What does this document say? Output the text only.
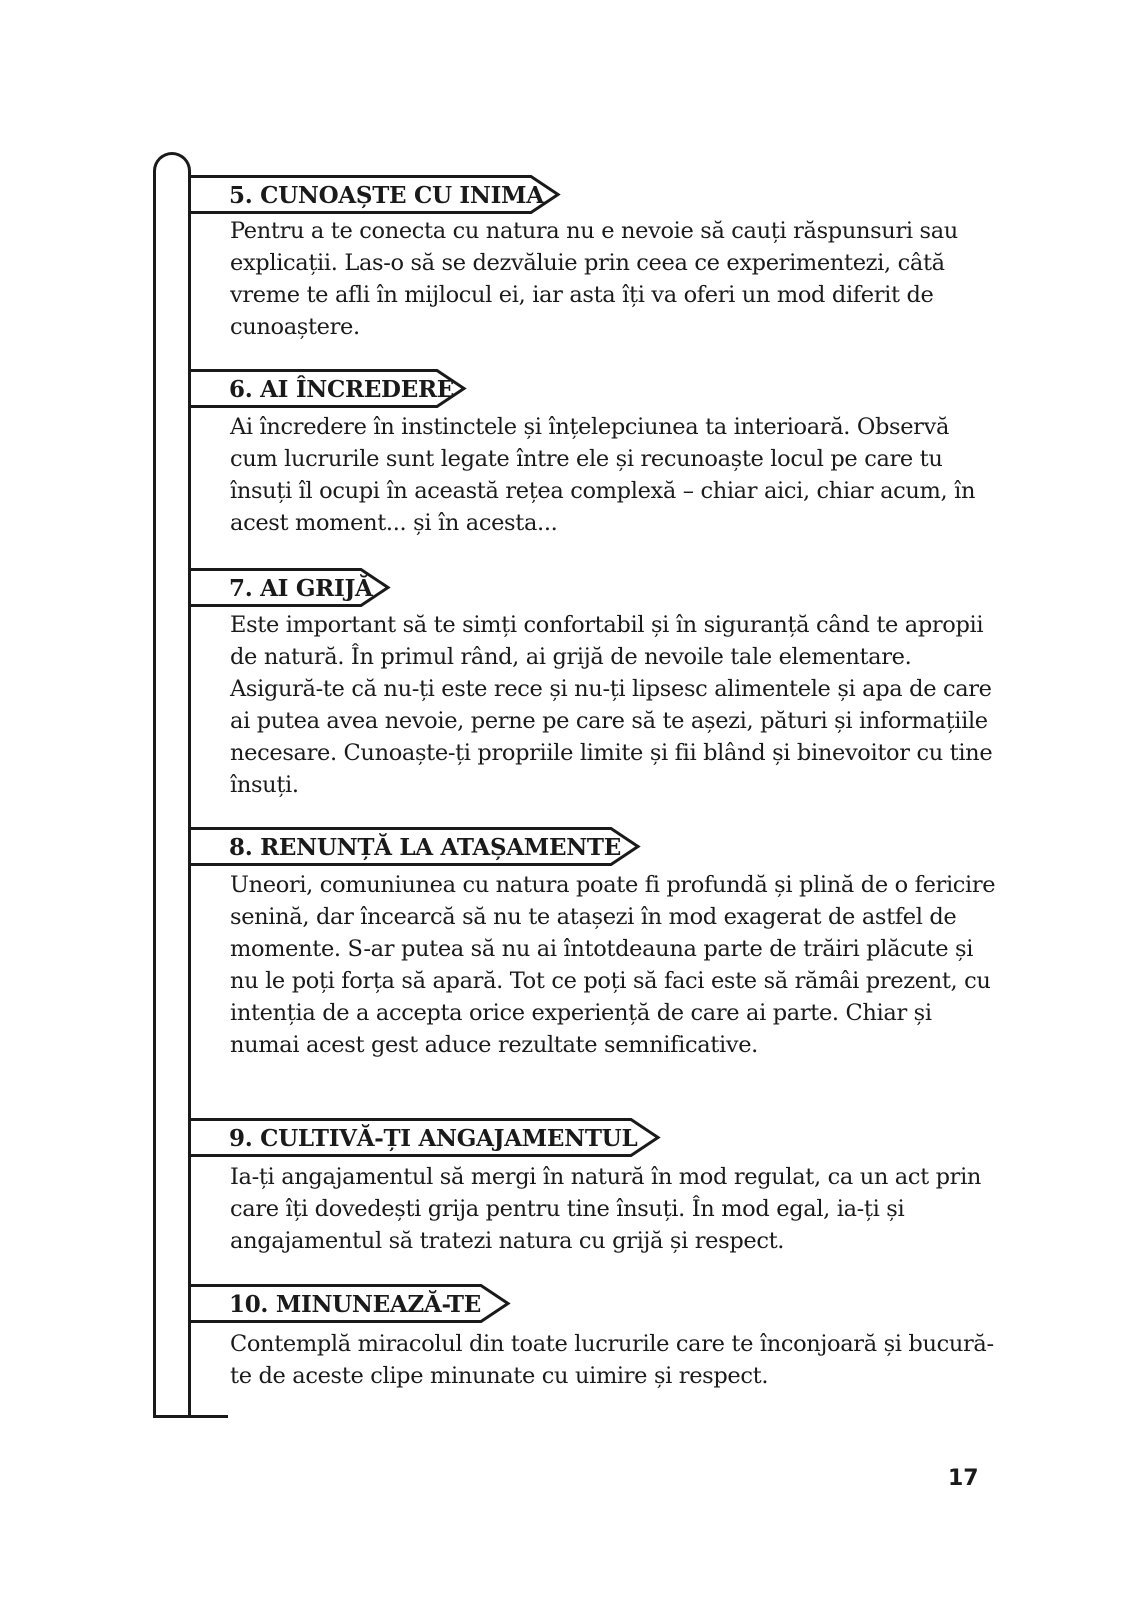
5. CUNOAȘTE CU INIMA
Pentru a te conecta cu natura nu e nevoie să cauți răspunsuri sau explicații. Las-o să se dezvăluie prin ceea ce experimentezi, câtă vreme te afli în mijlocul ei, iar asta îți va oferi un mod diferit de cunoaștere.
6. AI ÎNCREDERE
Ai încredere în instinctele și înțelepciunea ta interioară. Observă cum lucrurile sunt legate între ele și recunoaște locul pe care tu însuți îl ocupi în această rețea complexă – chiar aici, chiar acum, în acest moment... și în acesta...
7. AI GRIJĂ
Este important să te simți confortabil și în siguranță când te apropii de natură. În primul rând, ai grijă de nevoile tale elementare. Asigură-te că nu-ți este rece și nu-ți lipsesc alimentele și apa de care ai putea avea nevoie, perne pe care să te așezi, pături și informațiile necesare. Cunoaște-ți propriile limite și fii blând și binevoitor cu tine însuți.
8. RENUNȚĂ LA ATAȘAMENTE
Uneori, comuniunea cu natura poate fi profundă și plină de o fericire senină, dar încearcă să nu te atașezi în mod exagerat de astfel de momente. S-ar putea să nu ai întotdeauna parte de trăiri plăcute și nu le poți forța să apară. Tot ce poți să faci este să rămâi prezent, cu intenția de a accepta orice experiență de care ai parte. Chiar și numai acest gest aduce rezultate semnificative.
9. CULTIVĂ-ȚI ANGAJAMENTUL
Ia-ți angajamentul să mergi în natură în mod regulat, ca un act prin care îți dovedești grija pentru tine însuți. În mod egal, ia-ți și angajamentul să tratezi natura cu grijă și respect.
10. MINUNEAZĂ-TE
Contemplă miracolul din toate lucrurile care te înconjoară și bucură-te de aceste clipe minunate cu uimire și respect.
17
